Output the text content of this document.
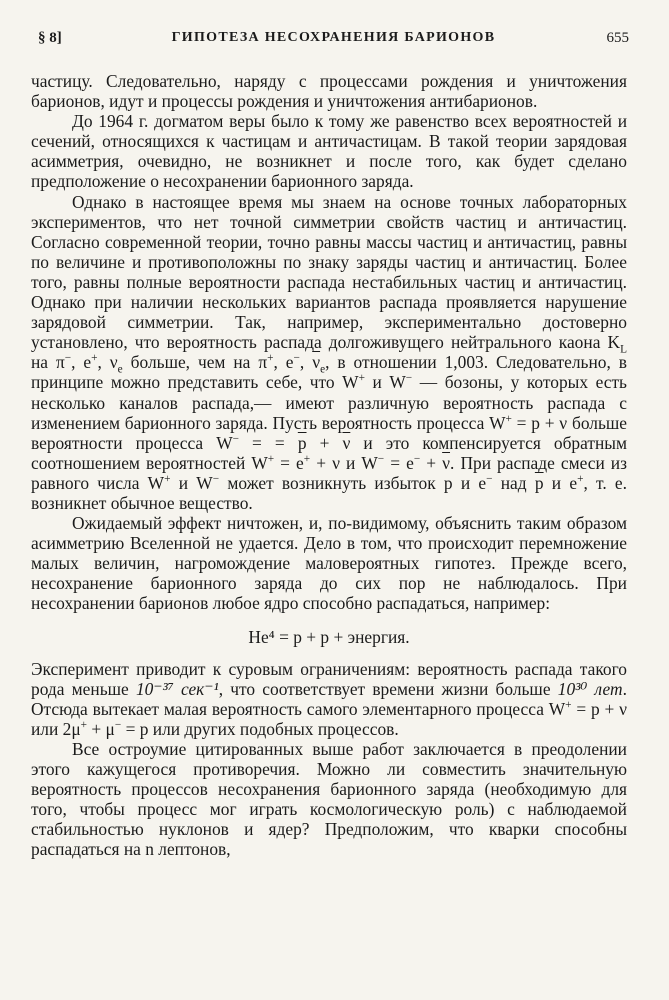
§ 8]	ГИПОТЕЗА НЕСОХРАНЕНИЯ БАРИОНОВ	655

частицу. Следовательно, наряду с процессами рождения и уничтожения барионов, идут и процессы рождения и уничтожения антибарионов.

До 1964 г. догматом веры было к тому же равенство всех вероятностей и сечений, относящихся к частицам и античастицам. В такой теории зарядовая асимметрия, очевидно, не возникнет и после того, как будет сделано предположение о несохранении барионного заряда.

Однако в настоящее время мы знаем на основе точных лабораторных экспериментов, что нет точной симметрии свойств частиц и античастиц. Согласно современной теории, точно равны массы частиц и античастиц, равны по величине и противоположны по знаку заряды частиц и античастиц. Более того, равны полные вероятности распада нестабильных частиц и античастиц. Однако при наличии нескольких вариантов распада проявляется нарушение зарядовой симметрии. Так, например, экспериментально достоверно установлено, что вероятность распада долгоживущего нейтрального каона $K_L$ на π−, e+, $\nu_e$ больше, чем на π+, e−, $\overline{\nu}_e$, в отношении 1,003. Следовательно, в принципе можно представить себе, что W+ и W− — бозоны, у которых есть несколько каналов распада,— имеют различную вероятность распада с изменением барионного заряда. Пусть вероятность процесса W+ = p + ν больше вероятности процесса W− = = $\overline{p} + \overline{\nu}$ и это компенсируется обратным соотношением вероятностей W+ = e+ + ν и $W^- = e^- + \overline{\nu}$. При распаде смеси из равного числа W+ и W− может возникнуть избыток p и e− над $\overline{p}$ и e+, т. е. возникнет обычное вещество.

Ожидаемый эффект ничтожен, и, по-видимому, объяснить таким образом асимметрию Вселенной не удается. Дело в том, что происходит перемножение малых величин, нагромождение маловероятных гипотез. Прежде всего, несохранение барионного заряда до сих пор не наблюдалось. При несохранении барионов любое ядро способно распадаться, например:

He⁴ = p + p + энергия.

Эксперимент приводит к суровым ограничениям: вероятность распада такого рода меньше 10⁻³⁷ сек⁻¹, что соответствует времени жизни больше 10³⁰ лет. Отсюда вытекает малая вероятность самого элементарного процесса W+ = p + ν или 2μ+ + μ− = p или других подобных процессов.

Все остроумие цитированных выше работ заключается в преодолении этого кажущегося противоречия. Можно ли совместить значительную вероятность процессов несохранения барионного заряда (необходимую для того, чтобы процесс мог играть космологическую роль) с наблюдаемой стабильностью нуклонов и ядер? Предположим, что кварки способны распадаться на n лептонов,
